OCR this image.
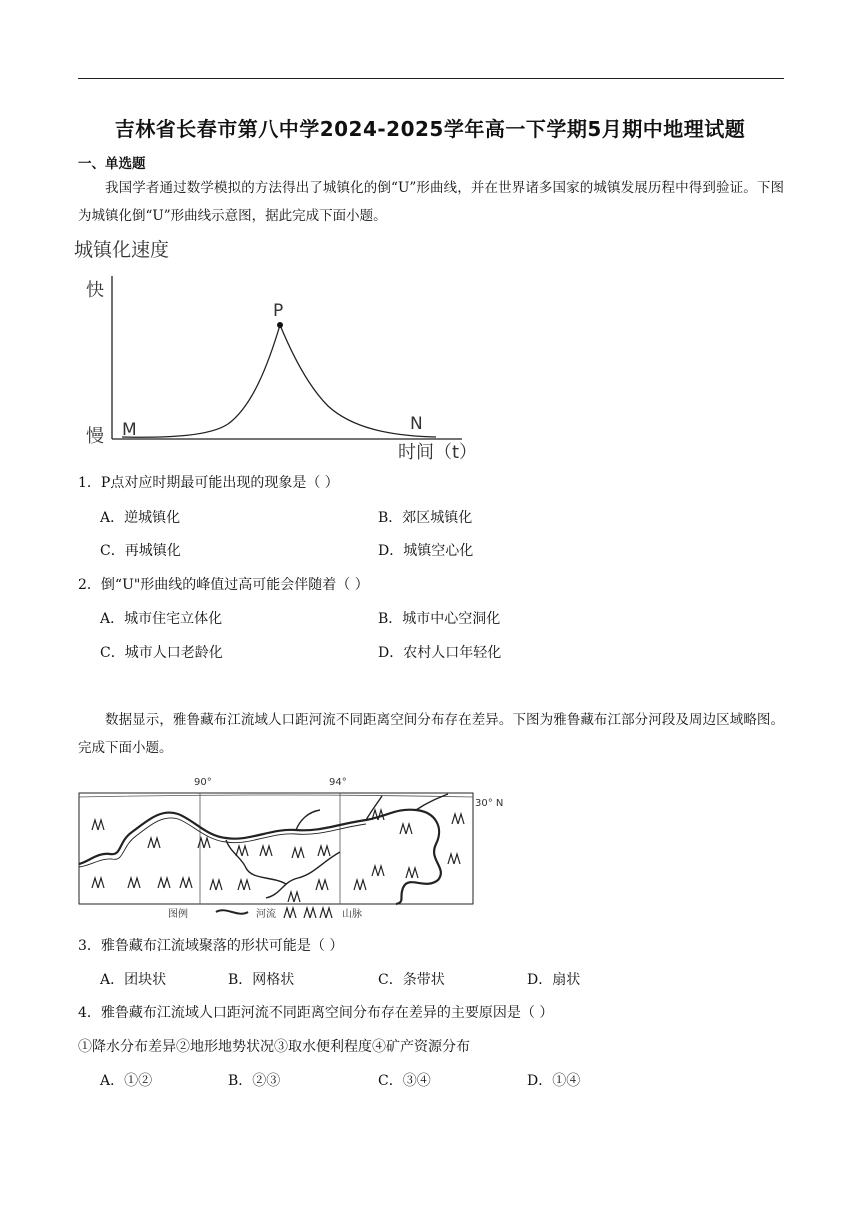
吉林省长春市第八中学2024-2025学年高一下学期5月期中地理试题
一、单选题
我国学者通过数学模拟的方法得出了城镇化的倒“U”形曲线，并在世界诸多国家的城镇发展历程中得到验证。下图为城镇化倒“U”形曲线示意图，据此完成下面小题。
城镇化速度
快
慢
P
M	N
时间（t）
1．P点对应时期最可能出现的现象是（ ）
A．逆城镇化	B．郊区城镇化
C．再城镇化	D．城镇空心化
2．倒“U"形曲线的峰值过高可能会伴随着（ ）
A．城市住宅立体化	B．城市中心空洞化
C．城市人口老龄化	D．农村人口年轻化
数据显示，雅鲁藏布江流域人口距河流不同距离空间分布存在差异。下图为雅鲁藏布江部分河段及周边区域略图。完成下面小题。
90°	94°
30° N
图例	河流	山脉
3．雅鲁藏布江流域聚落的形状可能是（ ）
A．团块状	B．网格状	C．条带状	D．扇状
4．雅鲁藏布江流域人口距河流不同距离空间分布存在差异的主要原因是（ ）
①降水分布差异②地形地势状况③取水便利程度④矿产资源分布
A．①②	B．②③	C．③④	D．①④
